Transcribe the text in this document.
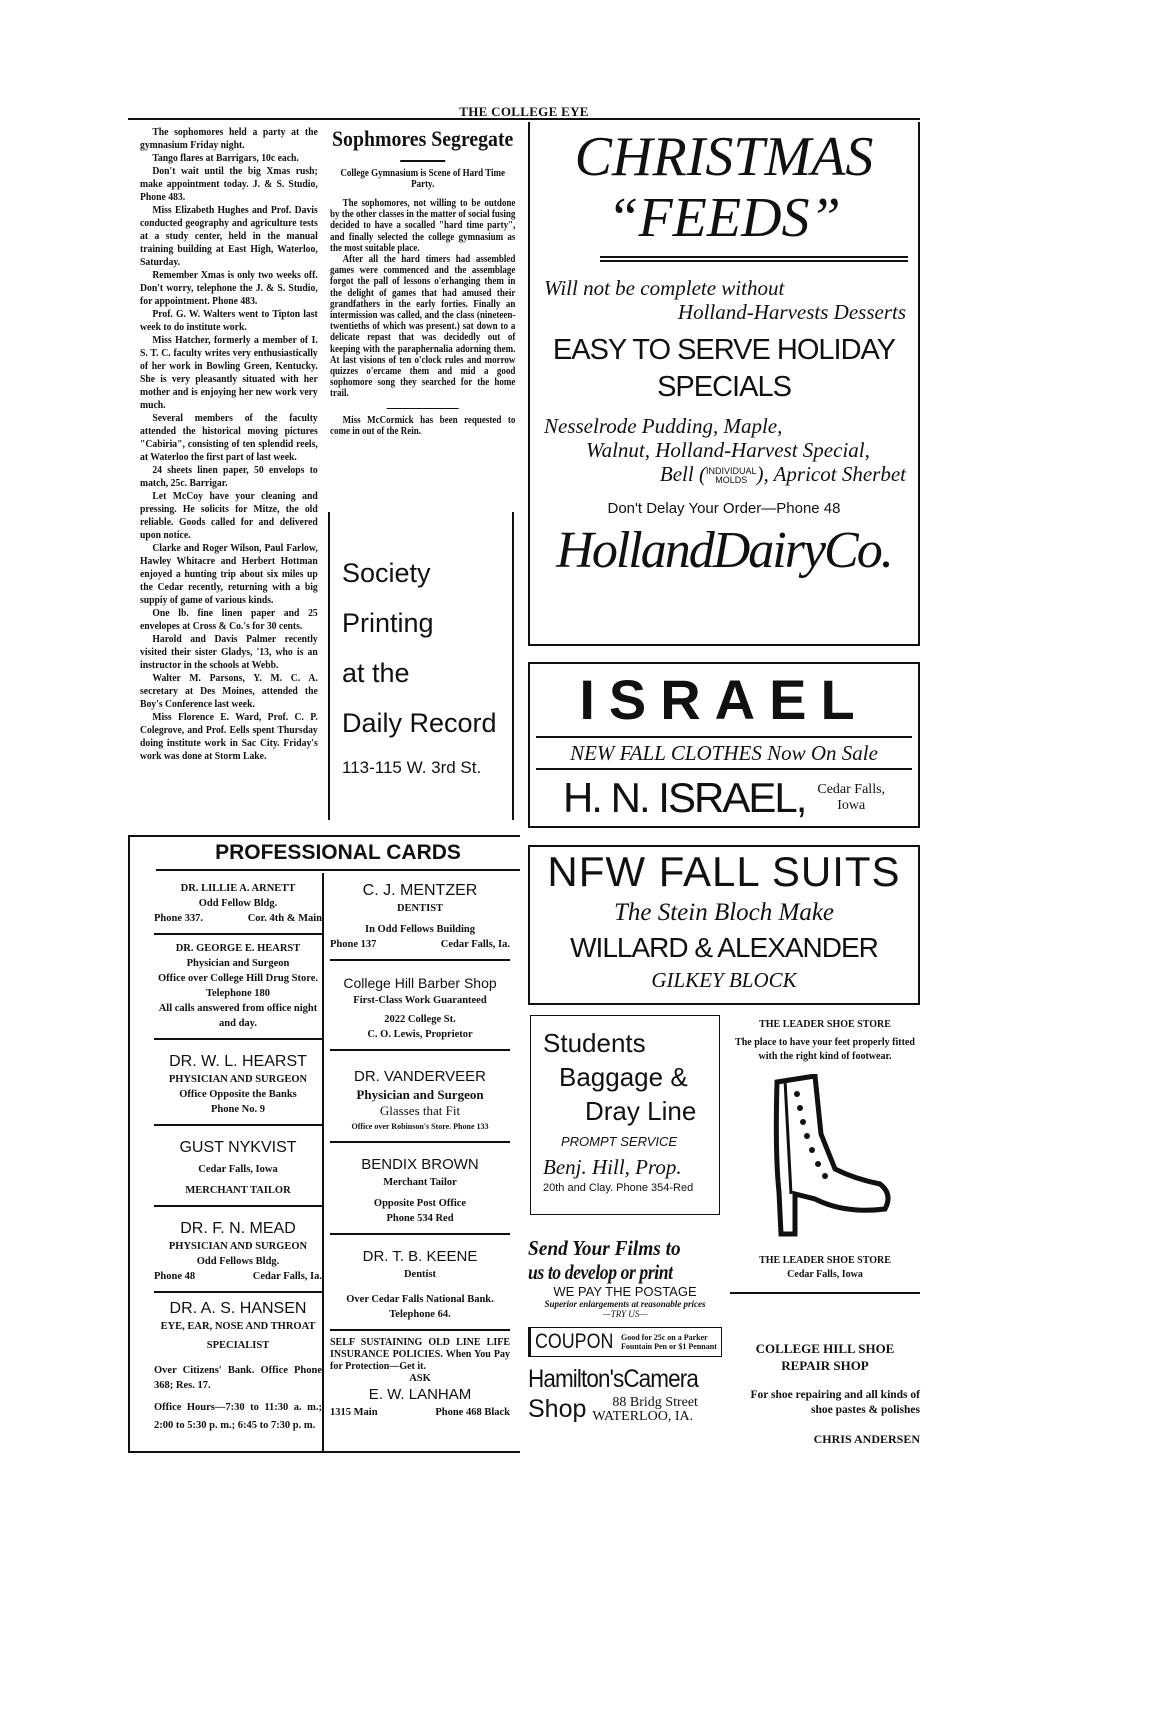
THE COLLEGE EYE

The sophomores held a party at the gymnasium Friday night.

Tango flares at Barrigars, 10c each.

Don't wait until the big Xmas rush; make appointment today. J. & S. Studio, Phone 483.

Miss Elizabeth Hughes and Prof. Davis conducted geography and agriculture tests at a study center, held in the manual training building at East High, Waterloo, Saturday.

Remember Xmas is only two weeks off. Don't worry, telephone the J. & S. Studio, for appointment. Phone 483.

Prof. G. W. Walters went to Tipton last week to do institute work.

Miss Hatcher, formerly a member of I. S. T. C. faculty writes very enthusiastically of her work in Bowling Green, Kentucky. She is very pleasantly situated with her mother and is enjoying her new work very much.

Several members of the faculty attended the historical moving pictures "Cabiria", consisting of ten splendid reels, at Waterloo the first part of last week.

24 sheets linen paper, 50 envelops to match, 25c. Barrigar.

Let McCoy have your cleaning and pressing. He solicits for Mitze, the old reliable. Goods called for and delivered upon notice.

Clarke and Roger Wilson, Paul Farlow, Hawley Whitacre and Herbert Hottman enjoyed a hunting trip about six miles up the Cedar recently, returning with a big suppiy of game of various kinds.

One lb. fine linen paper and 25 envelopes at Cross & Co.'s for 30 cents.

Harold and Davis Palmer recently visited their sister Gladys, '13, who is an instructor in the schools at Webb.

Walter M. Parsons, Y. M. C. A. secretary at Des Moines, attended the Boy's Conference last week.

Miss Florence E. Ward, Prof. C. P. Colegrove, and Prof. Eells spent Thursday doing institute work in Sac City. Friday's work was done at Storm Lake.

Sophmores Segregate

College Gymnasium is Scene of Hard Time Party.

The sophomores, not willing to be outdone by the other classes in the matter of social fusing decided to have a socalled "hard time party", and finally selected the college gymnasium as the most suitable place.

After all the hard timers had assembled games were commenced and the assemblage forgot the pall of lessons o'erhanging them in the delight of games that had amused their grandfathers in the early forties. Finally an intermission was called, and the class (nineteen-twentieths of which was present.) sat down to a delicate repast that was decidedly out of keeping with the paraphernalia adorning them. At last visions of ten o'clock rules and morrow quizzes o'ercame them and mid a good sophomore song they searched for the home trail.

Miss McCormick has been requested to come in out of the Rein.

Society
Printing
at the
Daily Record
113-115 W. 3rd St.
CHRISTMAS
“FEEDS”
Will not be complete without
Holland-Harvests Desserts
EASY TO SERVE HOLIDAY
SPECIALS
Nesselrode Pudding, Maple,
Walnut, Holland-Harvest Special,
Bell (INDIVIDUAL
MOLDS ), Apricot Sherbet
Don't Delay Your Order—Phone 48
HollandDairyCo.
ISRAEL
NEW FALL CLOTHES Now On Sale
H. N. ISRAEL, Cedar Falls,
Iowa
NFW FALL SUITS
The Stein Bloch Make
WILLARD & ALEXANDER
GILKEY BLOCK
Students
Baggage &
Dray Line
PROMPT SERVICE
Benj. Hill, Prop.
20th and Clay. Phone 354-Red
THE LEADER SHOE STORE
The place to have your feet properly fitted with the right kind of footwear.
THE LEADER SHOE STORE
Cedar Falls, Iowa
Send Your Films to
us to develop or print
WE PAY THE POSTAGE
Superior enlargements at reasonable prices
—TRY US—
COUPON Good for 25c on a Parker
Fountain Pen or $1 Pennant
Hamilton'sCamera
Shop	88 Bridg Street
WATERLOO, IA.
COLLEGE HILL SHOE REPAIR SHOP
For shoe repairing and all kinds of shoe pastes & polishes
CHRIS ANDERSEN
PROFESSIONAL CARDS
DR. LILLIE A. ARNETT
Odd Fellow Bldg.
Phone 337.	Cor. 4th & Main
DR. GEORGE E. HEARST
Physician and Surgeon
Office over College Hill Drug Store.
Telephone 180
All calls answered from office night and day.
DR. W. L. HEARST
PHYSICIAN AND SURGEON
Office Opposite the Banks
Phone No. 9
GUST NYKVIST
Cedar Falls, Iowa
MERCHANT TAILOR
DR. F. N. MEAD
PHYSICIAN AND SURGEON
Odd Fellows Bldg.
Phone 48	Cedar Falls, Ia.
DR. A. S. HANSEN
EYE, EAR, NOSE AND THROAT
SPECIALIST
Over Citizens' Bank. Office Phone 368; Res. 17.
Office Hours—7:30 to 11:30 a. m.; 2:00 to 5:30 p. m.; 6:45 to 7:30 p. m.
C. J. MENTZER
DENTIST
In Odd Fellows Building
Phone 137	Cedar Falls, Ia.
College Hill Barber Shop
First-Class Work Guaranteed
2022 College St.
C. O. Lewis, Proprietor
DR. VANDERVEER
Physician and Surgeon
Glasses that Fit
Office over Robinson's Store. Phone 133
BENDIX BROWN
Merchant Tailor
Opposite Post Office
Phone 534 Red
DR. T. B. KEENE
Dentist
Over Cedar Falls National Bank.
Telephone 64.
SELF SUSTAINING OLD LINE LIFE INSURANCE POLICIES. When You Pay for Protection—Get it.
ASK
E. W. LANHAM
1315 Main	Phone 468 Black
